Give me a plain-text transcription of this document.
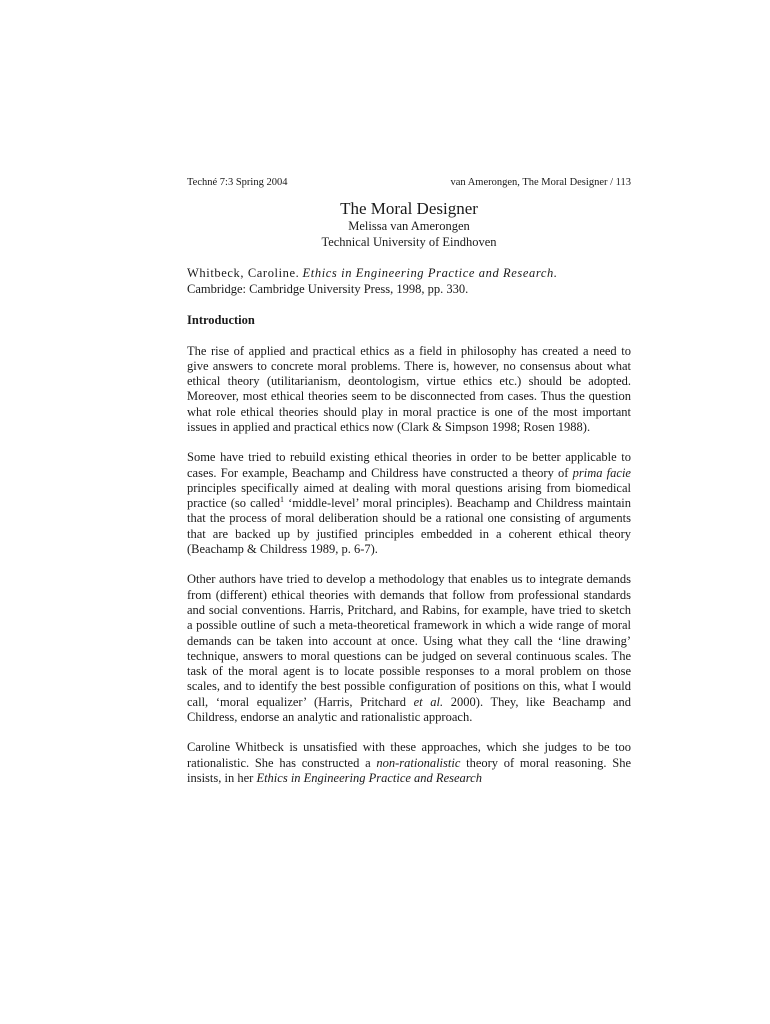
Techné 7:3 Spring 2004	van Amerongen, The Moral Designer / 113
The Moral Designer
Melissa van Amerongen
Technical University of Eindhoven
Whitbeck, Caroline. Ethics in Engineering Practice and Research.
Cambridge: Cambridge University Press, 1998, pp. 330.
Introduction

The rise of applied and practical ethics as a field in philosophy has created a need to give answers to concrete moral problems. There is, however, no consensus about what ethical theory (utilitarianism, deontologism, virtue ethics etc.) should be adopted. Moreover, most ethical theories seem to be disconnected from cases. Thus the question what role ethical theories should play in moral practice is one of the most important issues in applied and practical ethics now (Clark & Simpson 1998; Rosen 1988).

Some have tried to rebuild existing ethical theories in order to be better applicable to cases. For example, Beachamp and Childress have constructed a theory of prima facie principles specifically aimed at dealing with moral questions arising from biomedical practice (so called$^1$ ‘middle-level’ moral principles). Beachamp and Childress maintain that the process of moral deliberation should be a rational one consisting of arguments that are backed up by justified principles embedded in a coherent ethical theory (Beachamp & Childress 1989, p. 6-7).

Other authors have tried to develop a methodology that enables us to integrate demands from (different) ethical theories with demands that follow from professional standards and social conventions. Harris, Pritchard, and Rabins, for example, have tried to sketch a possible outline of such a meta-theoretical framework in which a wide range of moral demands can be taken into account at once. Using what they call the ‘line drawing’ technique, answers to moral questions can be judged on several continuous scales. The task of the moral agent is to locate possible responses to a moral problem on those scales, and to identify the best possible configuration of positions on this, what I would call, ‘moral equalizer’ (Harris, Pritchard et al. 2000). They, like Beachamp and Childress, endorse an analytic and rationalistic approach.

Caroline Whitbeck is unsatisfied with these approaches, which she judges to be too rationalistic. She has constructed a non-rationalistic theory of moral reasoning. She insists, in her Ethics in Engineering Practice and Research
